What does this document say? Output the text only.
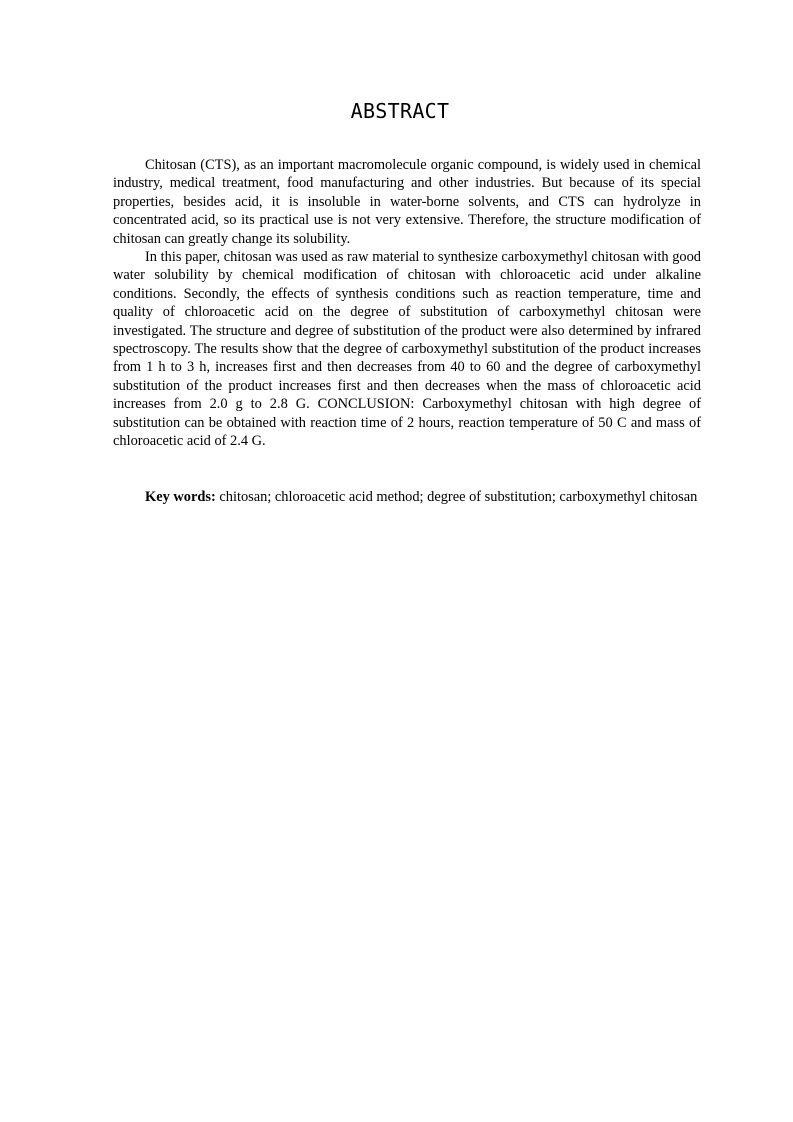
ABSTRACT

Chitosan (CTS), as an important macromolecule organic compound, is widely used in chemical industry, medical treatment, food manufacturing and other industries. But because of its special properties, besides acid, it is insoluble in water-borne solvents, and CTS can hydrolyze in concentrated acid, so its practical use is not very extensive. Therefore, the structure modification of chitosan can greatly change its solubility.

In this paper, chitosan was used as raw material to synthesize carboxymethyl chitosan with good water solubility by chemical modification of chitosan with chloroacetic acid under alkaline conditions. Secondly, the effects of synthesis conditions such as reaction temperature, time and quality of chloroacetic acid on the degree of substitution of carboxymethyl chitosan were investigated. The structure and degree of substitution of the product were also determined by infrared spectroscopy. The results show that the degree of carboxymethyl substitution of the product increases from 1 h to 3 h, increases first and then decreases from 40 to 60 and the degree of carboxymethyl substitution of the product increases first and then decreases when the mass of chloroacetic acid increases from 2.0 g to 2.8 G. CONCLUSION: Carboxymethyl chitosan with high degree of substitution can be obtained with reaction time of 2 hours, reaction temperature of 50 C and mass of chloroacetic acid of 2.4 G.

Key words: chitosan; chloroacetic acid method; degree of substitution; carboxymethyl chitosan
